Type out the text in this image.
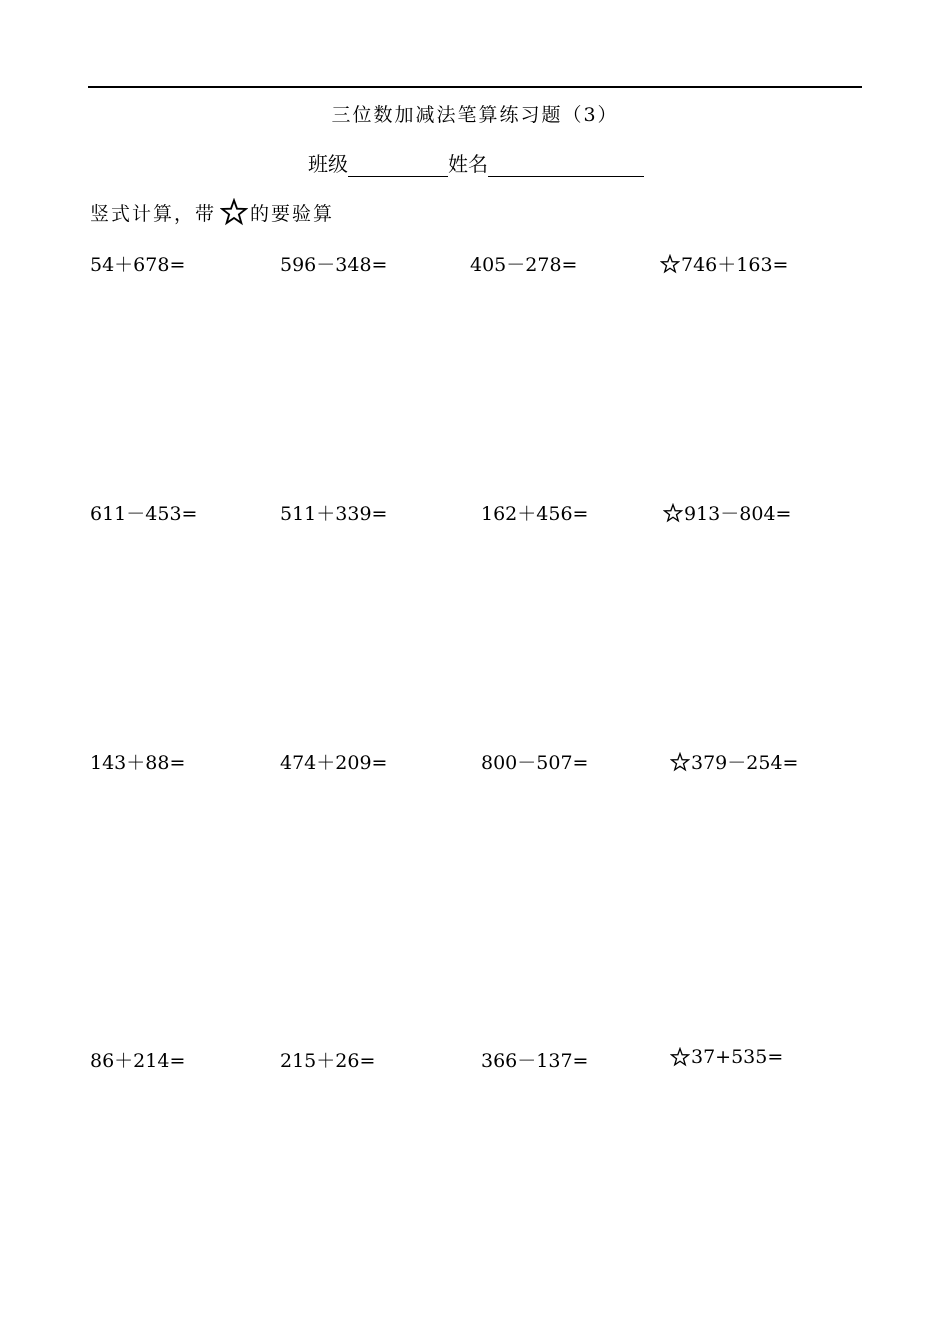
三位数加减法笔算练习题（3）
班级	姓名
竖式计算，带 的要验算
54＋678=	596－348=	405－278=	746＋163=
611－453=	511＋339=	162＋456=	913－804=
143＋88=	474＋209=	800－507=	379－254=
86＋214=	215＋26=	366－137=	37+535=
